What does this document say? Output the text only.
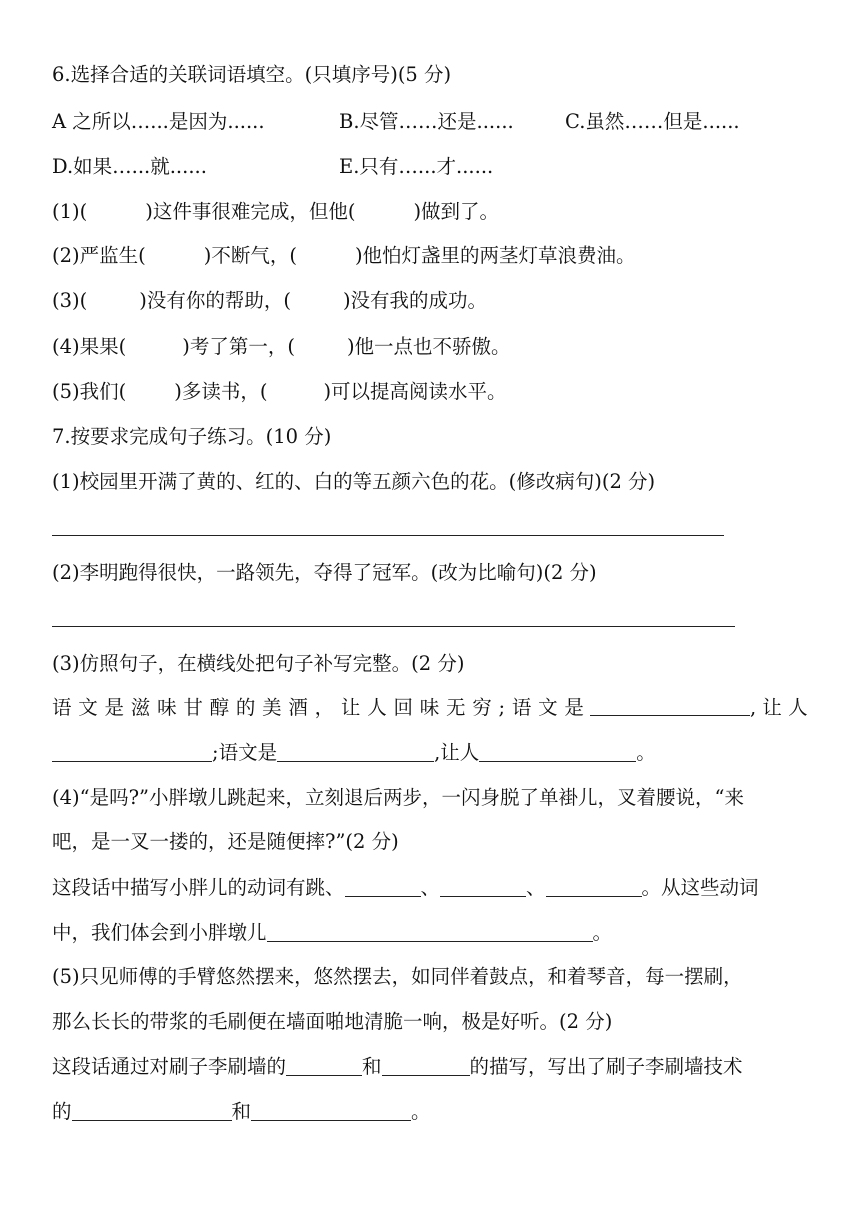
6.选择合适的关联词语填空。(只填序号)(5 分)
A 之所以…...是因为......	B.尽管……还是......	C.虽然……但是......
D.如果…...就......	E.只有…...才......
(1)(	)这件事很难完成，但他(	)做到了。
(2)严监生(	)不断气，(	)他怕灯盏里的两茎灯草浪费油。
(3)(	)没有你的帮助，(	)没有我的成功。
(4)果果(	)考了第一，(	)他一点也不骄傲。
(5)我们( )多读书，(	)可以提高阅读水平。
7.按要求完成句子练习。(10 分)
(1)校园里开满了黄的、红的、白的等五颜六色的花。(修改病句)(2 分)
(2)李明跑得很快，一路领先，夺得了冠军。(改为比喻句)(2 分)
(3)仿照句子，在横线处把句子补写完整。(2 分)
语 文 是 滋 味 甘 醇 的 美 酒 ， 让 人 回 味 无 穷 ; 语 文 是	, 让 人
;语文是	,让人	。
(4)“是吗?”小胖墩儿跳起来，立刻退后两步，一闪身脱了单褂儿，叉着腰说，“来
吧，是一叉一搂的，还是随便摔?”(2 分)
这段话中描写小胖儿的动词有跳、	、	、	。从这些动词
中，我们体会到小胖墩儿	。
(5)只见师傅的手臂悠然摆来，悠然摆去，如同伴着鼓点，和着琴音，每一摆刷，
那么长长的带浆的毛刷便在墙面啪地清脆一响，极是好听。(2 分)
这段话通过对刷子李刷墙的	和	的描写，写出了刷子李刷墙技术
的	和	。
